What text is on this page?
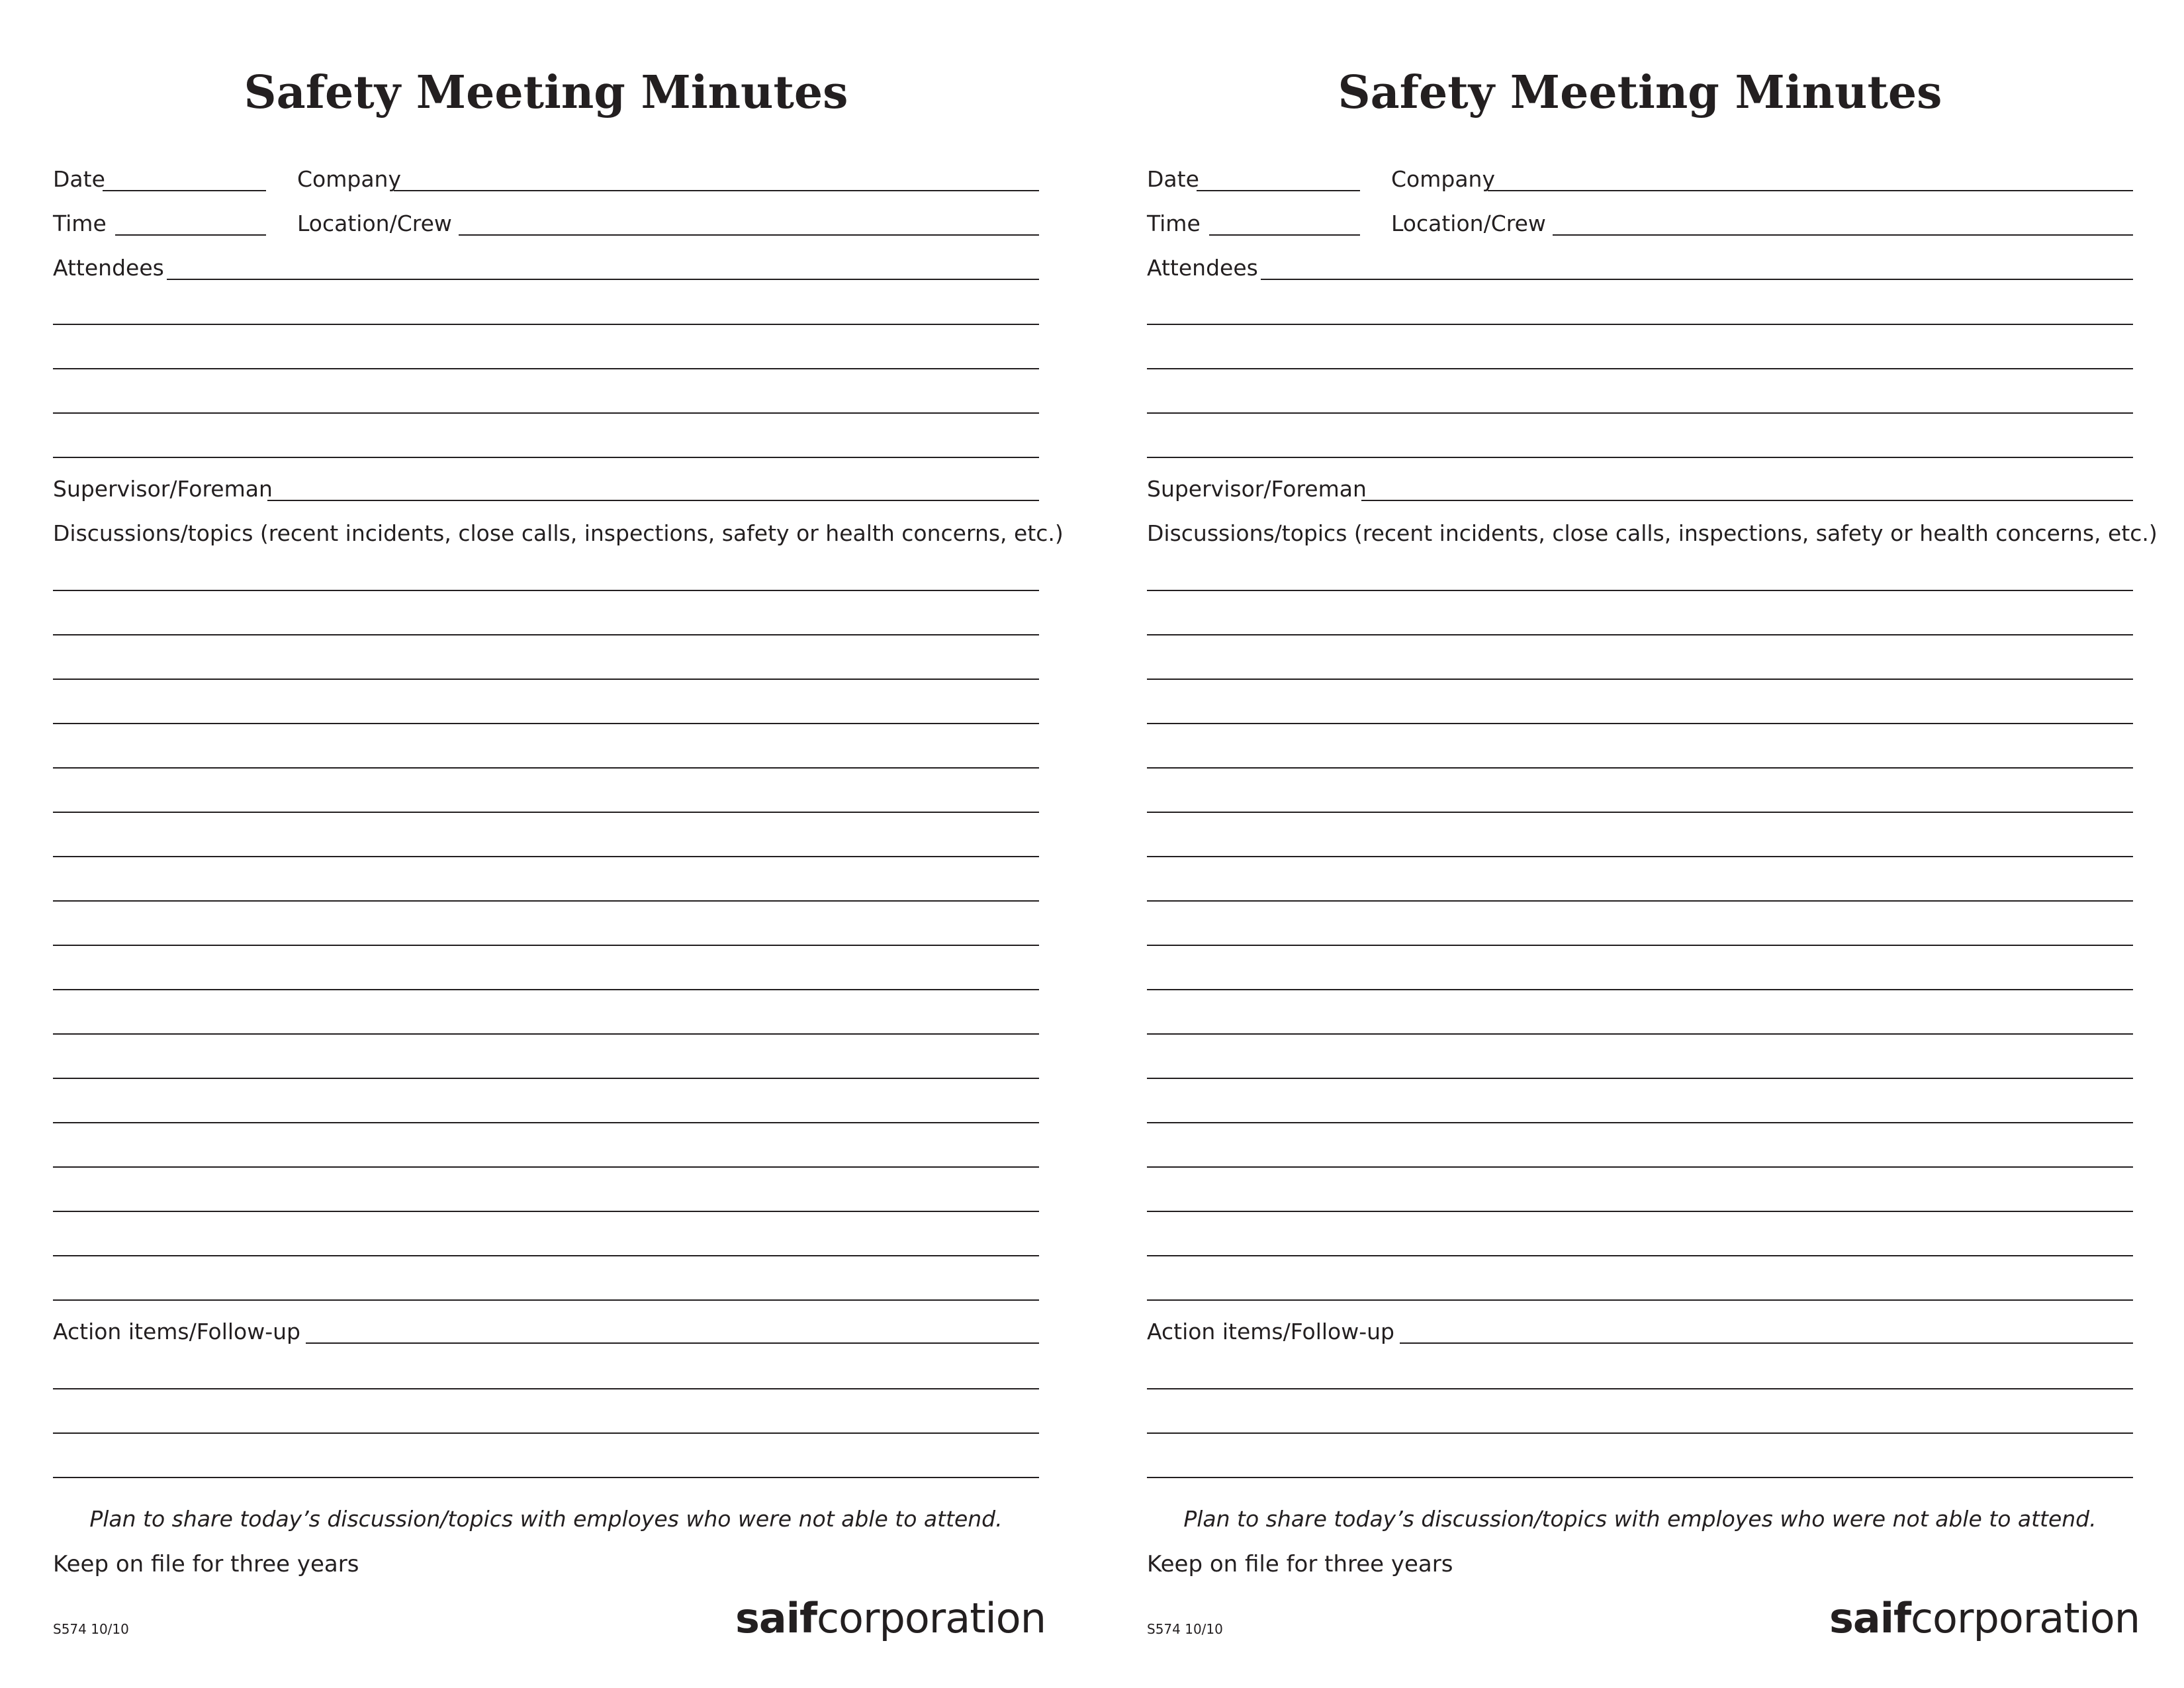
Safety Meeting Minutes
Date	Company
Time	Location/Crew
Attendees
Supervisor/Foreman
Discussions/topics (recent incidents, close calls, inspections, safety or health concerns, etc.)
Action items/Follow-up
Plan to share today’s discussion/topics with employes who were not able to attend.
Keep on file for three years
S574 10/10	saifcorporation
Safety Meeting Minutes
Date	Company
Time	Location/Crew
Attendees
Supervisor/Foreman
Discussions/topics (recent incidents, close calls, inspections, safety or health concerns, etc.)
Action items/Follow-up
Plan to share today’s discussion/topics with employes who were not able to attend.
Keep on file for three years
S574 10/10	saifcorporation
